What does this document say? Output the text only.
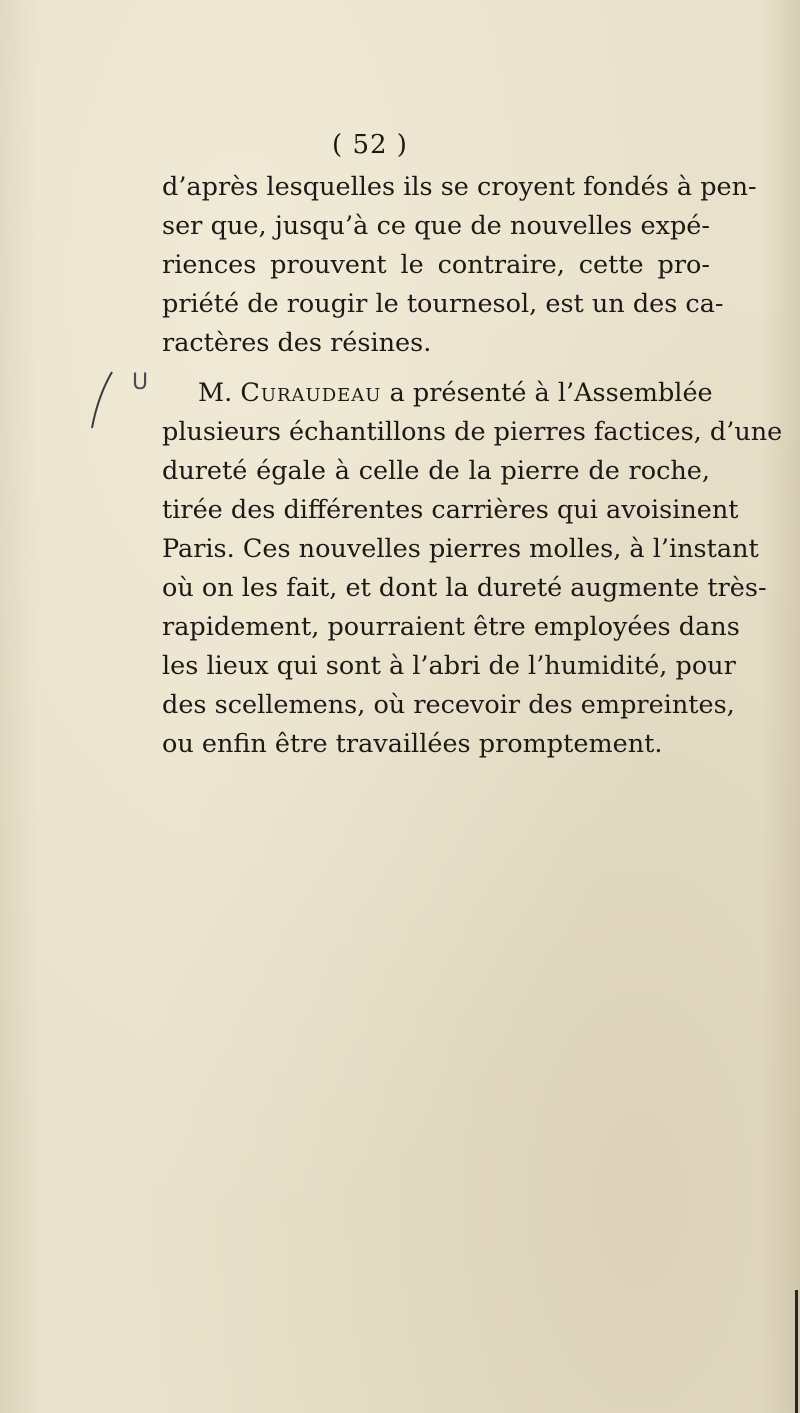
( 52 )
d’après lesquelles ils se croyent fondés à pen-
ser que, jusqu’à ce que de nouvelles expé-
riences prouvent le contraire, cette pro-
priété de rougir le tournesol, est un des ca-
ractères des résines.
U	M. Curaudeau a présenté à l’Assemblée
plusieurs échantillons de pierres factices, d’une
dureté égale à celle de la pierre de roche,
tirée des différentes carrières qui avoisinent
Paris. Ces nouvelles pierres molles, à l’instant
où on les fait, et dont la dureté augmente très-
rapidement, pourraient être employées dans
les lieux qui sont à l’abri de l’humidité, pour
des scellemens, où recevoir des empreintes,
ou enfin être travaillées promptement.
